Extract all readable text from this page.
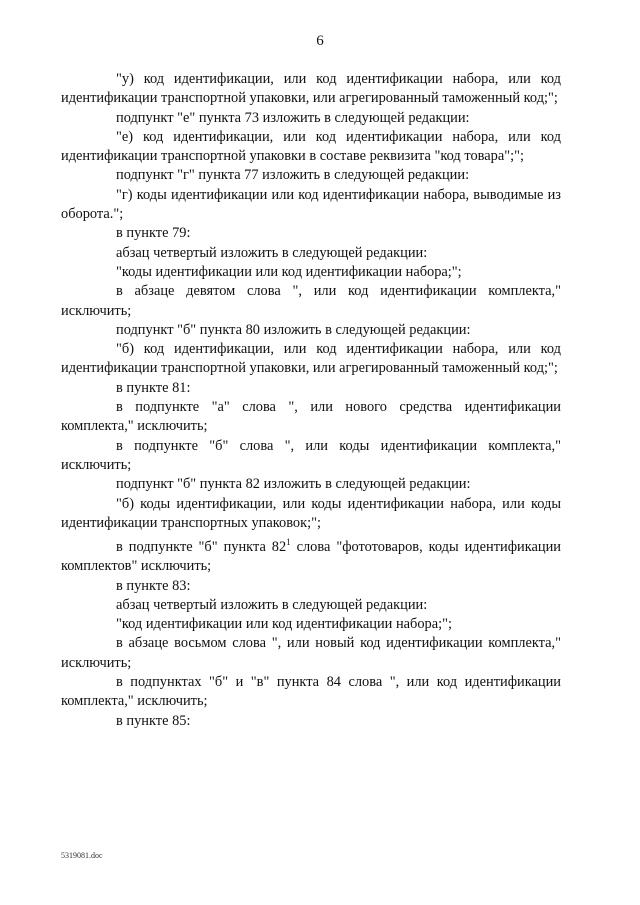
6

"у) код идентификации, или код идентификации набора, или код идентификации транспортной упаковки, или агрегированный таможенный код;";

подпункт "е" пункта 73 изложить в следующей редакции:

"е) код идентификации, или код идентификации набора, или код идентификации транспортной упаковки в составе реквизита "код товара";";

подпункт "г" пункта 77 изложить в следующей редакции:

"г) коды идентификации или код идентификации набора, выводимые из оборота.";

в пункте 79:

абзац четвертый изложить в следующей редакции:

"коды идентификации или код идентификации набора;";

в абзаце девятом слова ", или код идентификации комплекта," исключить;

подпункт "б" пункта 80 изложить в следующей редакции:

"б) код идентификации, или код идентификации набора, или код идентификации транспортной упаковки, или агрегированный таможенный код;";

в пункте 81:

в подпункте "а" слова ", или нового средства идентификации комплекта," исключить;

в подпункте "б" слова ", или коды идентификации комплекта," исключить;

подпункт "б" пункта 82 изложить в следующей редакции:

"б) коды идентификации, или коды идентификации набора, или коды идентификации транспортных упаковок;";

в подпункте "б" пункта $82^1$ слова "фототоваров, коды идентификации комплектов" исключить;

в пункте 83:

абзац четвертый изложить в следующей редакции:

"код идентификации или код идентификации набора;";

в абзаце восьмом слова ", или новый код идентификации комплекта," исключить;

в подпунктах "б" и "в" пункта 84 слова ", или код идентификации комплекта," исключить;

в пункте 85:

5319081.doc
